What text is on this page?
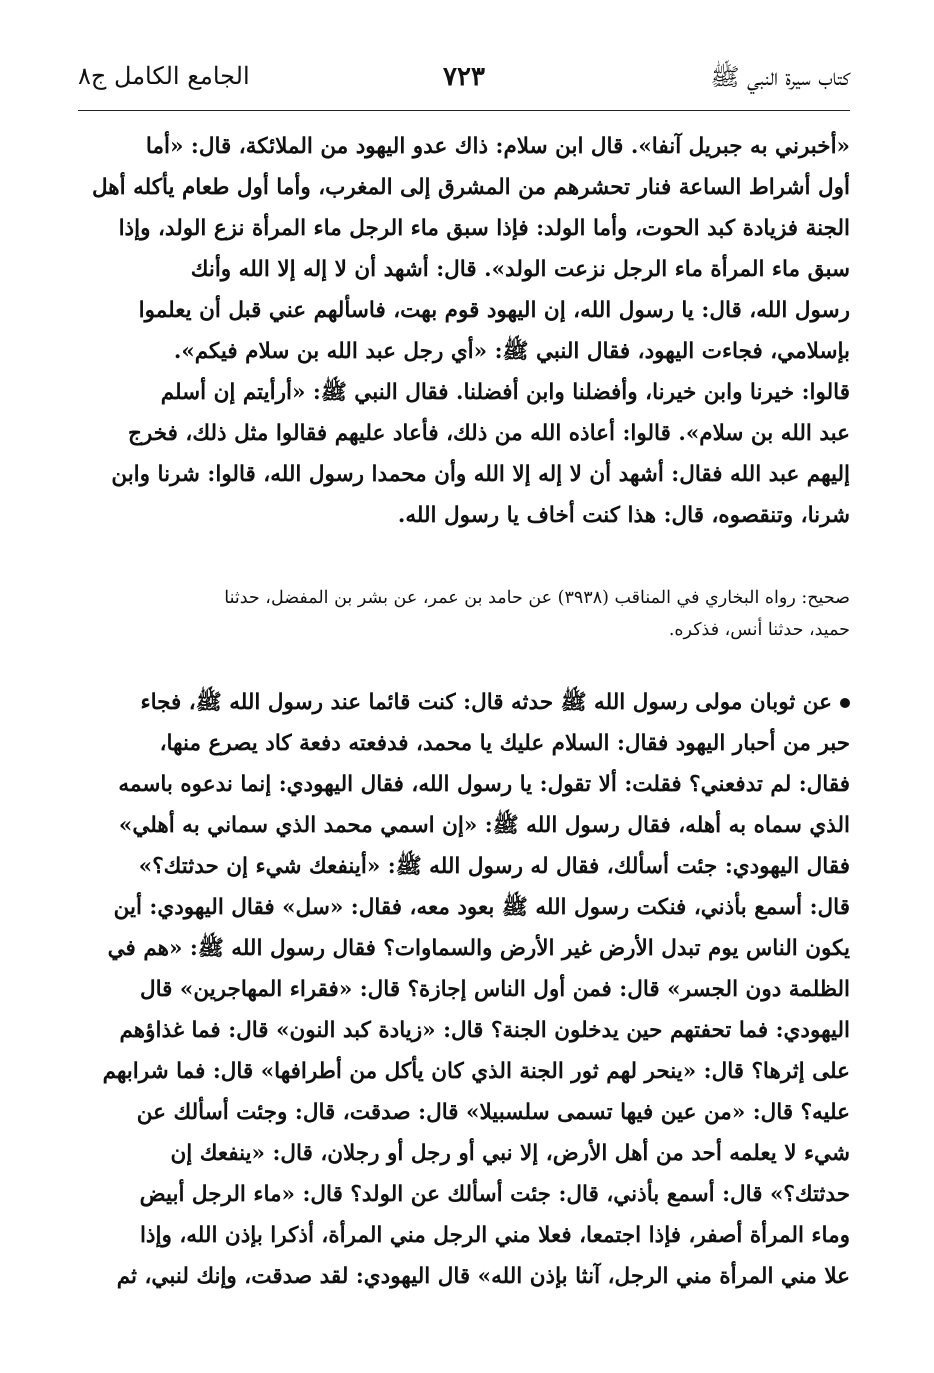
كتاب سيرة النبي ﷺ
٧٢٣
الجامع الكامل ج٨
«أخبرني به جبريل آنفا». قال ابن سلام: ذاك عدو اليهود من الملائكة، قال: «أما
أول أشراط الساعة فنار تحشرهم من المشرق إلى المغرب، وأما أول طعام يأكله أهل
الجنة فزيادة كبد الحوت، وأما الولد: فإذا سبق ماء الرجل ماء المرأة نزع الولد، وإذا
سبق ماء المرأة ماء الرجل نزعت الولد». قال: أشهد أن لا إله إلا الله وأنك
رسول الله، قال: يا رسول الله، إن اليهود قوم بهت، فاسألهم عني قبل أن يعلموا
بإسلامي، فجاءت اليهود، فقال النبي ﷺ: «أي رجل عبد الله بن سلام فيكم».
قالوا: خيرنا وابن خيرنا، وأفضلنا وابن أفضلنا. فقال النبي ﷺ: «أرأيتم إن أسلم
عبد الله بن سلام». قالوا: أعاذه الله من ذلك، فأعاد عليهم فقالوا مثل ذلك، فخرج
إليهم عبد الله فقال: أشهد أن لا إله إلا الله وأن محمدا رسول الله، قالوا: شرنا وابن
شرنا، وتنقصوه، قال: هذا كنت أخاف يا رسول الله.
صحيح: رواه البخاري في المناقب (٣٩٣٨) عن حامد بن عمر، عن بشر بن المفضل، حدثنا
حميد، حدثنا أنس، فذكره.
عن ثوبان مولى رسول الله ﷺ حدثه قال: كنت قائما عند رسول الله ﷺ، فجاء
حبر من أحبار اليهود فقال: السلام عليك يا محمد، فدفعته دفعة كاد يصرع منها،
فقال: لم تدفعني؟ فقلت: ألا تقول: يا رسول الله، فقال اليهودي: إنما ندعوه باسمه
الذي سماه به أهله، فقال رسول الله ﷺ: «إن اسمي محمد الذي سماني به أهلي»
فقال اليهودي: جئت أسألك، فقال له رسول الله ﷺ: «أينفعك شيء إن حدثتك؟»
قال: أسمع بأذني، فنكت رسول الله ﷺ بعود معه، فقال: «سل» فقال اليهودي: أين
يكون الناس يوم تبدل الأرض غير الأرض والسماوات؟ فقال رسول الله ﷺ: «هم في
الظلمة دون الجسر» قال: فمن أول الناس إجازة؟ قال: «فقراء المهاجرين» قال
اليهودي: فما تحفتهم حين يدخلون الجنة؟ قال: «زيادة كبد النون» قال: فما غذاؤهم
على إثرها؟ قال: «ينحر لهم ثور الجنة الذي كان يأكل من أطرافها» قال: فما شرابهم
عليه؟ قال: «من عين فيها تسمى سلسبيلا» قال: صدقت، قال: وجئت أسألك عن
شيء لا يعلمه أحد من أهل الأرض، إلا نبي أو رجل أو رجلان، قال: «ينفعك إن
حدثتك؟» قال: أسمع بأذني، قال: جئت أسألك عن الولد؟ قال: «ماء الرجل أبيض
وماء المرأة أصفر، فإذا اجتمعا، فعلا مني الرجل مني المرأة، أذكرا بإذن الله، وإذا
علا مني المرأة مني الرجل، آنثا بإذن الله» قال اليهودي: لقد صدقت، وإنك لنبي، ثم
